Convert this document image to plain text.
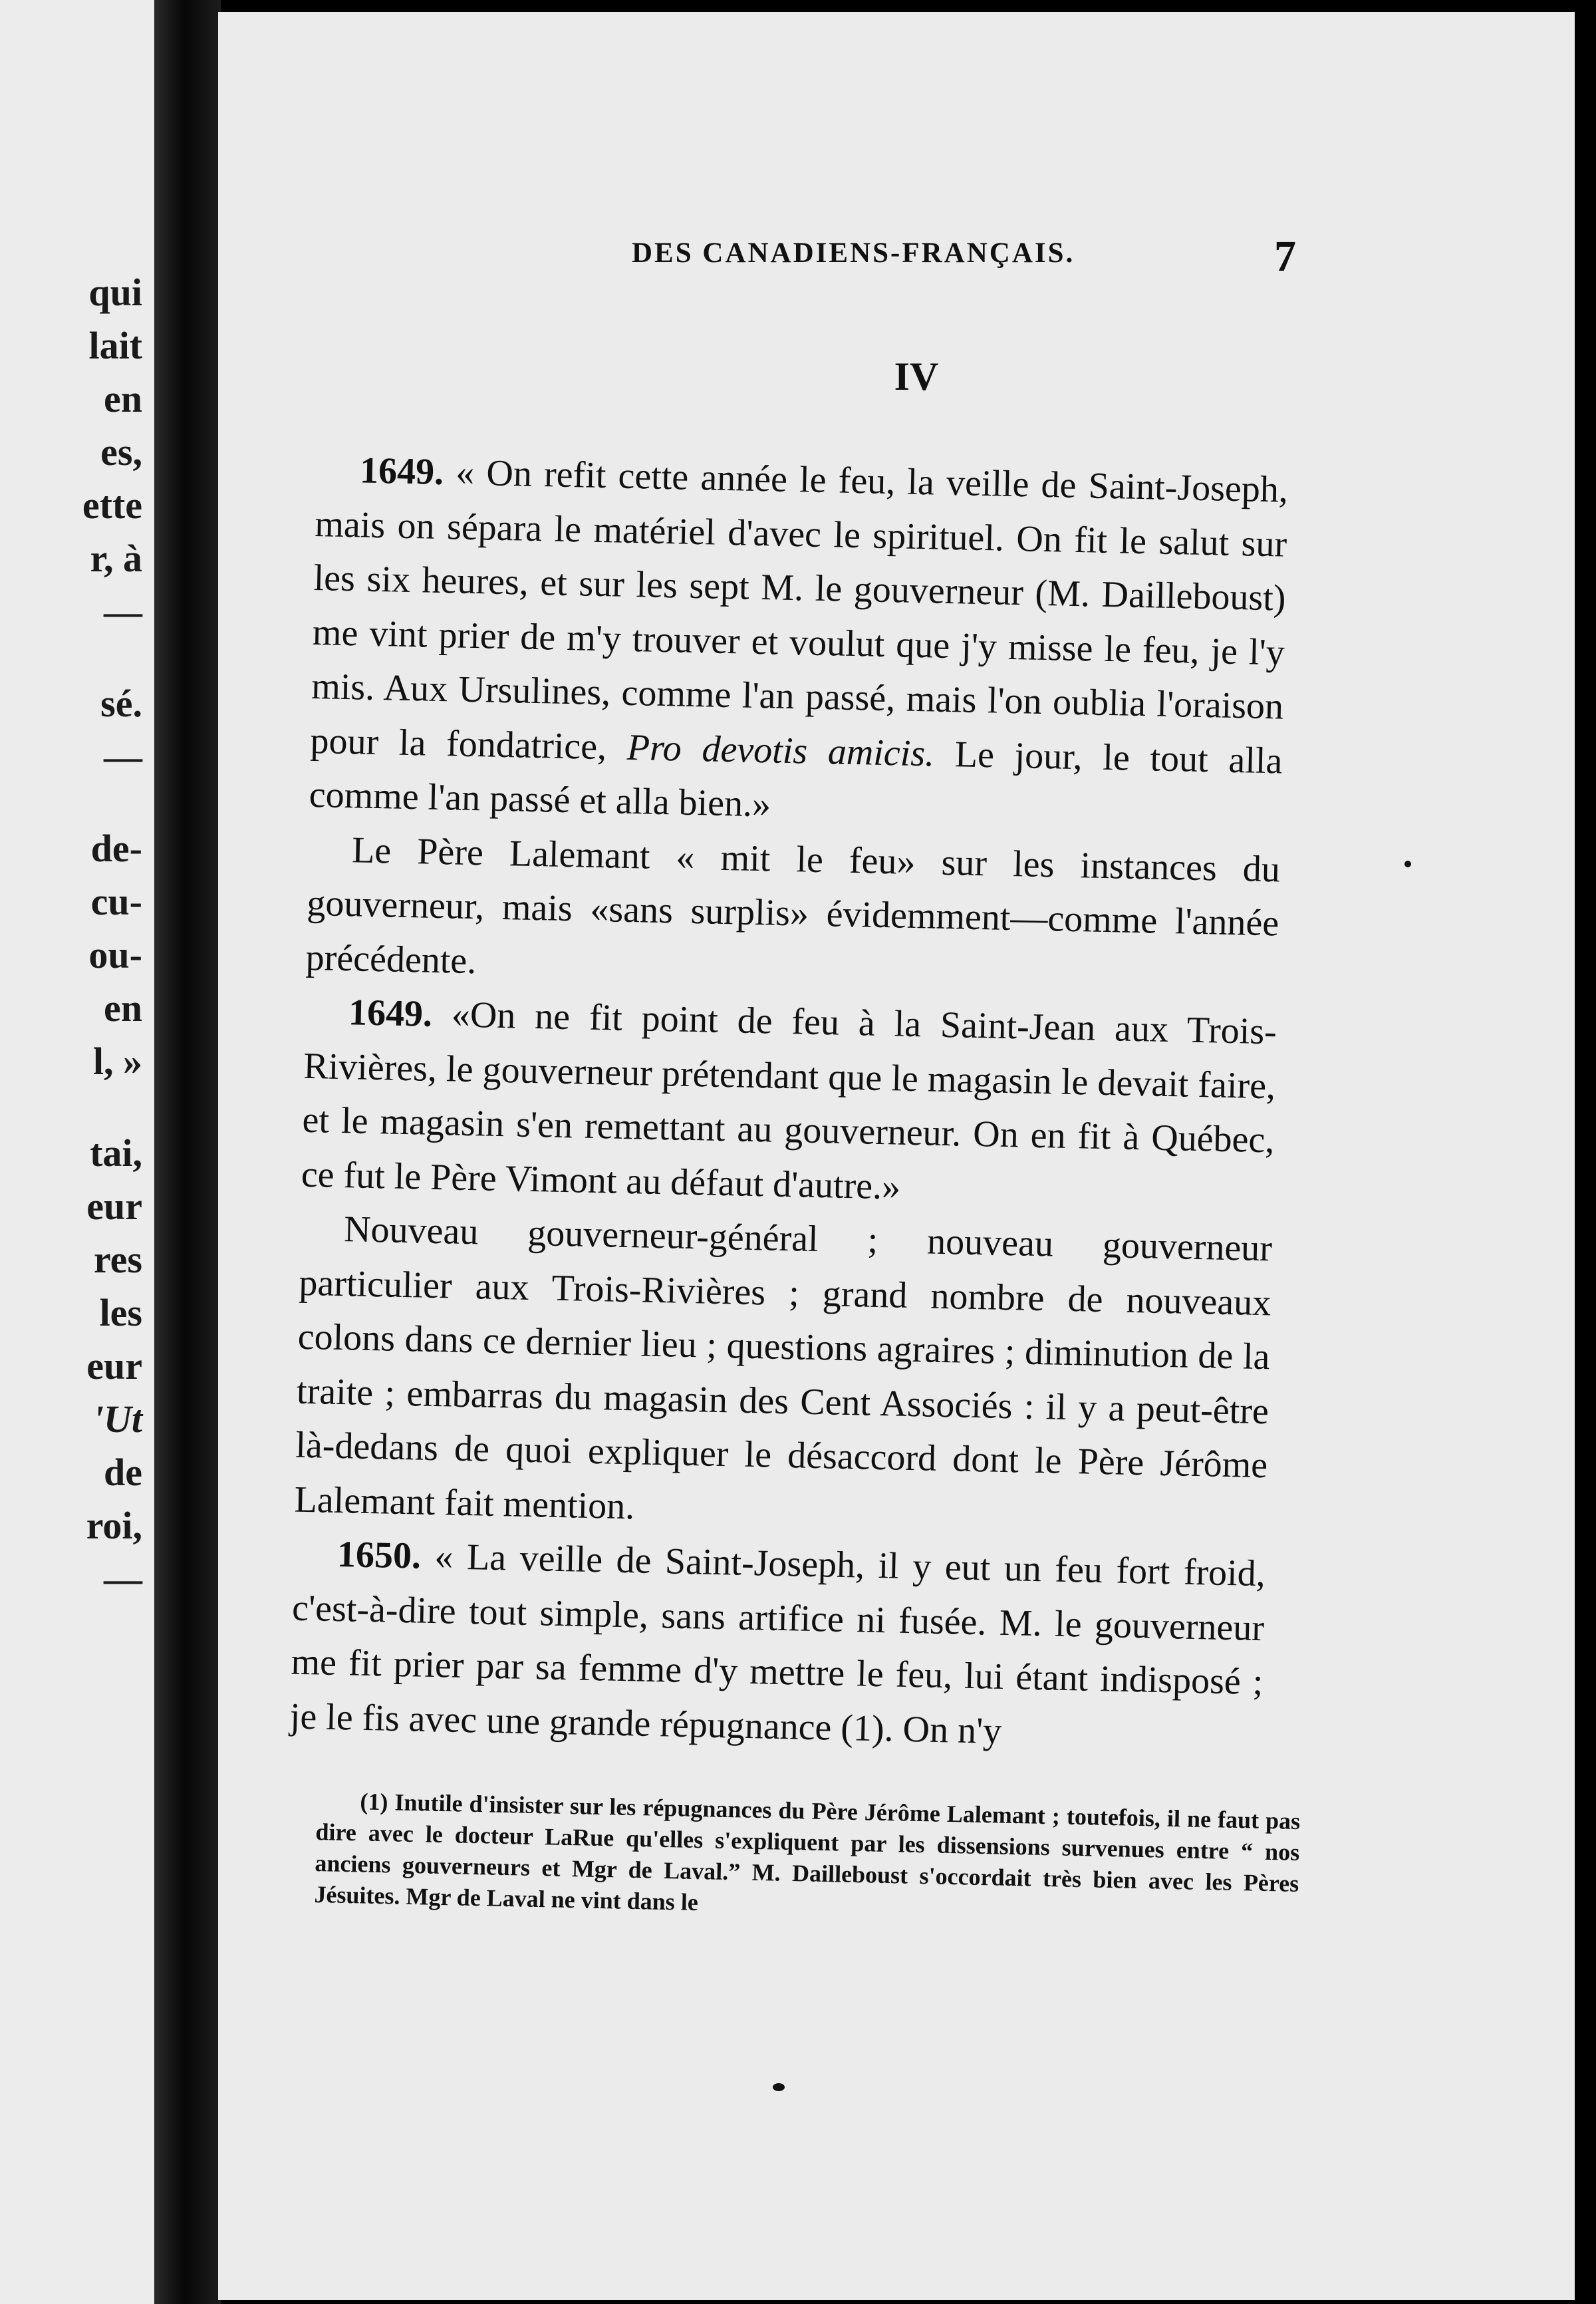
qui
lait
en
es,
ette
r, à
—
sé.
—
de-
cu-
ou-
en
l, »
tai,
eur
res
les
eur
'Ut
de
roi,
—
DES CANADIENS-FRANÇAIS.	7
IV

1649. « On refit cette année le feu, la veille de Saint-Joseph, mais on sépara le matériel d'avec le spirituel. On fit le salut sur les six heures, et sur les sept M. le gouverneur (M. Dailleboust) me vint prier de m'y trouver et voulut que j'y misse le feu, je l'y mis. Aux Ursulines, comme l'an passé, mais l'on oublia l'oraison pour la fondatrice, Pro devotis amicis. Le jour, le tout alla comme l'an passé et alla bien.»

Le Père Lalemant « mit le feu» sur les instances du gouverneur, mais «sans surplis» évidemment—comme l'année précédente.

1649. «On ne fit point de feu à la Saint-Jean aux Trois-Rivières, le gouverneur prétendant que le magasin le devait faire, et le magasin s'en remettant au gouverneur. On en fit à Québec, ce fut le Père Vimont au défaut d'autre.»

Nouveau gouverneur-général ; nouveau gouverneur particulier aux Trois-Rivières ; grand nombre de nouveaux colons dans ce dernier lieu ; questions agraires ; diminution de la traite ; embarras du magasin des Cent Associés : il y a peut-être là-dedans de quoi expliquer le désaccord dont le Père Jérôme Lalemant fait mention.

1650. « La veille de Saint-Joseph, il y eut un feu fort froid, c'est-à-dire tout simple, sans artifice ni fusée. M. le gouverneur me fit prier par sa femme d'y mettre le feu, lui étant indisposé ; je le fis avec une grande répugnance (1). On n'y

(1) Inutile d'insister sur les répugnances du Père Jérôme Lalemant ; toutefois, il ne faut pas dire avec le docteur LaRue qu'elles s'expliquent par les dissensions survenues entre “ nos anciens gouverneurs et Mgr de Laval.” M. Dailleboust s'occordait très bien avec les Pères Jésuites. Mgr de Laval ne vint dans le
